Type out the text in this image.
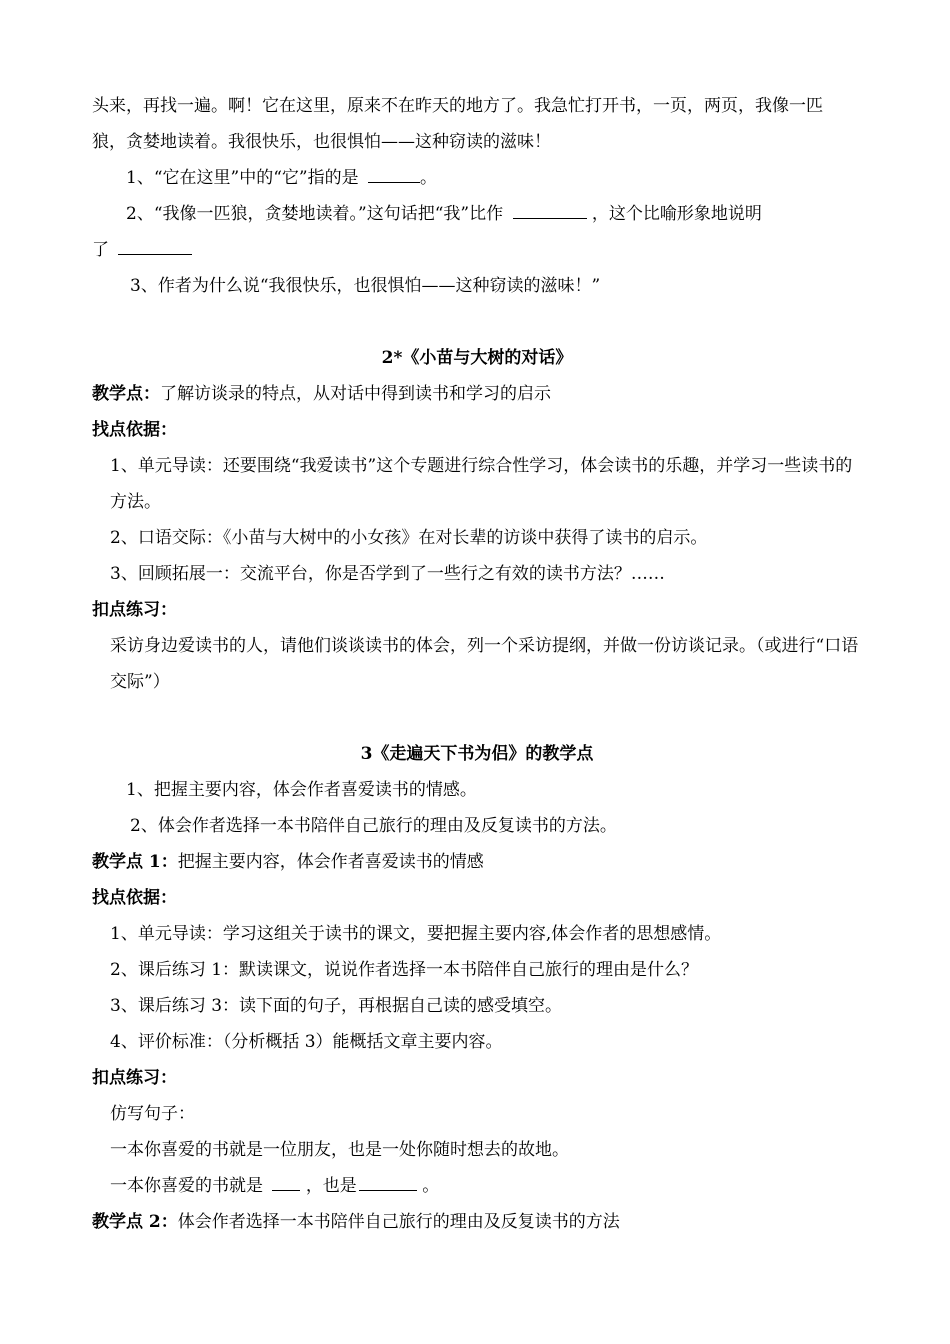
头来，再找一遍。啊！它在这里，原来不在昨天的地方了。我急忙打开书，一页，两页，我像一匹
狼，贪婪地读着。我很快乐，也很惧怕——这种窃读的滋味！
1、“它在这里”中的“它”指的是	。
2、“我像一匹狼，贪婪地读着。”这句话把“我”比作	，这个比喻形象地说明
了
3、作者为什么说“我很快乐，也很惧怕——这种窃读的滋味！”
2*《小苗与大树的对话》
教学点：了解访谈录的特点，从对话中得到读书和学习的启示
找点依据：
1、单元导读：还要围绕“我爱读书”这个专题进行综合性学习，体会读书的乐趣，并学习一些读书的方法。
2、口语交际：《小苗与大树中的小女孩》在对长辈的访谈中获得了读书的启示。
3、回顾拓展一：交流平台，你是否学到了一些行之有效的读书方法？……
扣点练习：
采访身边爱读书的人，请他们谈谈读书的体会，列一个采访提纲，并做一份访谈记录。（或进行“口语交际”）
3《走遍天下书为侣》的教学点
1、把握主要内容，体会作者喜爱读书的情感。
2、体会作者选择一本书陪伴自己旅行的理由及反复读书的方法。
教学点 1：把握主要内容，体会作者喜爱读书的情感
找点依据：
1、单元导读：学习这组关于读书的课文，要把握主要内容,体会作者的思想感情。
2、课后练习 1：默读课文，说说作者选择一本书陪伴自己旅行的理由是什么？
3、课后练习 3：读下面的句子，再根据自己读的感受填空。
4、评价标准：（分析概括 3）能概括文章主要内容。
扣点练习：
仿写句子：
一本你喜爱的书就是一位朋友，也是一处你随时想去的故地。
一本你喜爱的书就是	，也是	。
教学点 2：体会作者选择一本书陪伴自己旅行的理由及反复读书的方法
